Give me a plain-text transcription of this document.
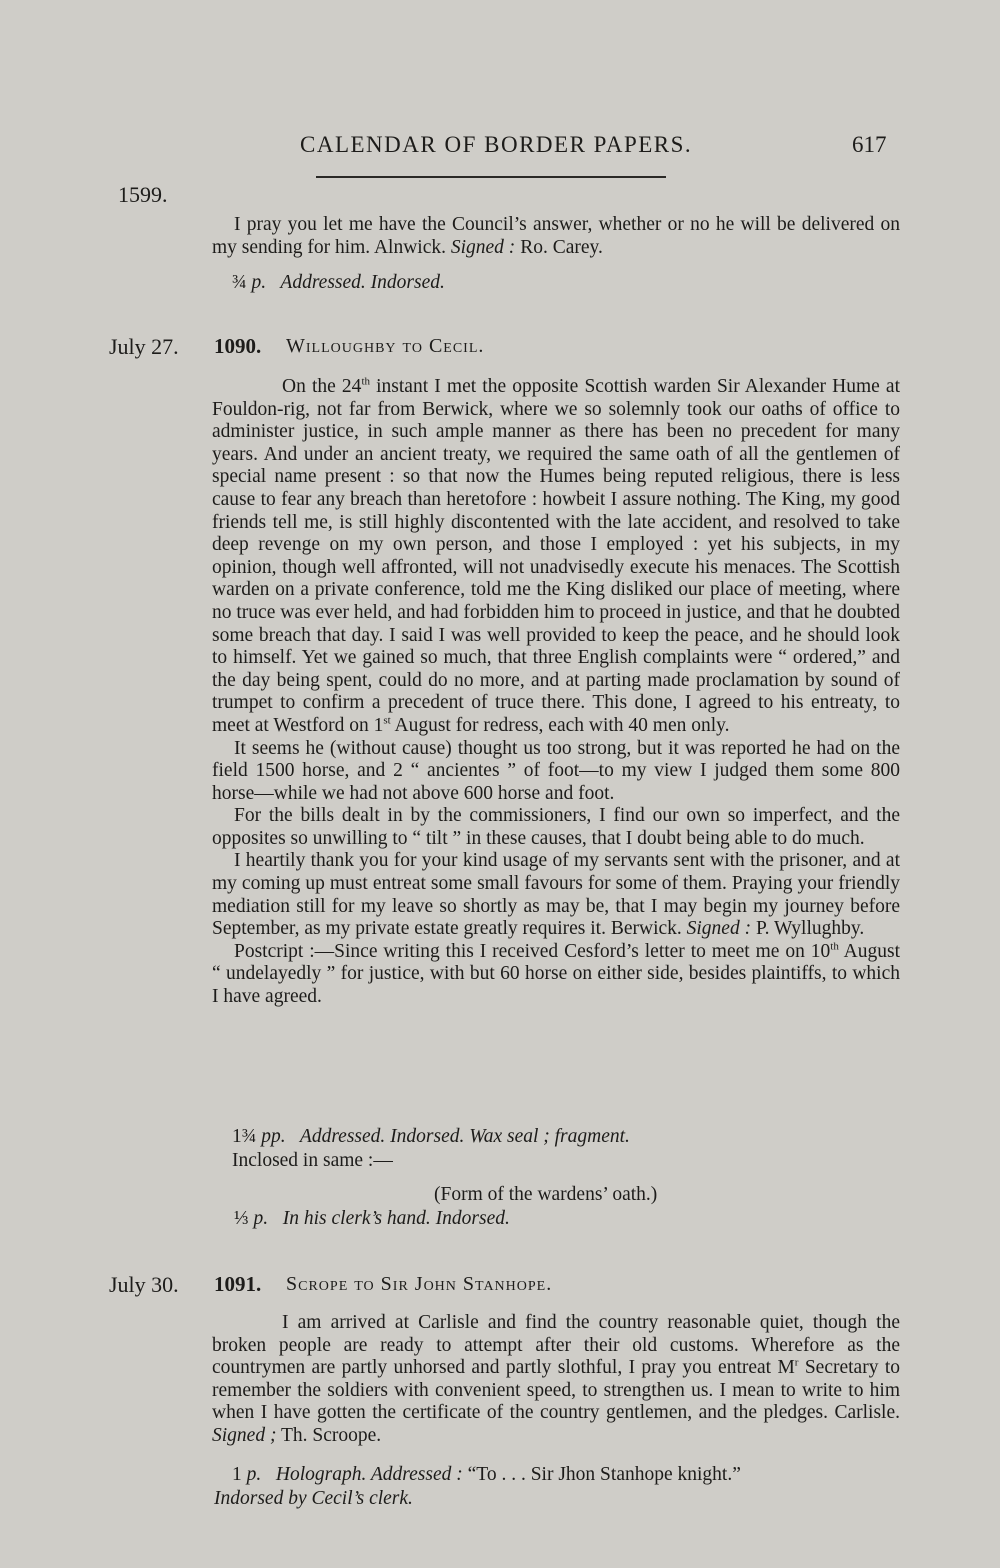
CALENDAR OF BORDER PAPERS.	617
1599.

I pray you let me have the Council’s answer, whether or no he will be delivered on my sending for him. Alnwick. Signed : Ro. Carey.

¾ p. Addressed. Indorsed.
July 27. 1090. Willoughby to Cecil.

On the 24th instant I met the opposite Scottish warden Sir Alexander Hume at Fouldon-rig, not far from Berwick, where we so solemnly took our oaths of office to administer justice, in such ample manner as there has been no precedent for many years. And under an ancient treaty, we required the same oath of all the gentlemen of special name present : so that now the Humes being reputed religious, there is less cause to fear any breach than heretofore : howbeit I assure nothing. The King, my good friends tell me, is still highly discontented with the late accident, and resolved to take deep revenge on my own person, and those I employed : yet his subjects, in my opinion, though well affronted, will not unadvisedly execute his menaces. The Scottish warden on a private conference, told me the King disliked our place of meeting, where no truce was ever held, and had forbidden him to proceed in justice, and that he doubted some breach that day. I said I was well provided to keep the peace, and he should look to himself. Yet we gained so much, that three English complaints were “ ordered,” and the day being spent, could do no more, and at parting made proclamation by sound of trumpet to confirm a precedent of truce there. This done, I agreed to his entreaty, to meet at Westford on 1st August for redress, each with 40 men only.

It seems he (without cause) thought us too strong, but it was reported he had on the field 1500 horse, and 2 “ ancientes ” of foot—to my view I judged them some 800 horse—while we had not above 600 horse and foot.

For the bills dealt in by the commissioners, I find our own so imperfect, and the opposites so unwilling to “ tilt ” in these causes, that I doubt being able to do much.

I heartily thank you for your kind usage of my servants sent with the prisoner, and at my coming up must entreat some small favours for some of them. Praying your friendly mediation still for my leave so shortly as may be, that I may begin my journey before September, as my private estate greatly requires it. Berwick. Signed : P. Wyllughby.

Postcript :—Since writing this I received Cesford’s letter to meet me on 10th August “ undelayedly ” for justice, with but 60 horse on either side, besides plaintiffs, to which I have agreed.

1¾ pp. Addressed. Indorsed. Wax seal ; fragment.
Inclosed in same :—
(Form of the wardens’ oath.)
⅓ p. In his clerk’s hand. Indorsed.
July 30. 1091. Scrope to Sir John Stanhope.

I am arrived at Carlisle and find the country reasonable quiet, though the broken people are ready to attempt after their old customs. Wherefore as the countrymen are partly unhorsed and partly slothful, I pray you entreat $M^r$ Secretary to remember the soldiers with convenient speed, to strengthen us. I mean to write to him when I have gotten the certificate of the country gentlemen, and the pledges. Carlisle. Signed ; Th. Scroope.

1 p. Holograph. Addressed : “To . . . Sir Jhon Stanhope knight.”
Indorsed by Cecil’s clerk.
